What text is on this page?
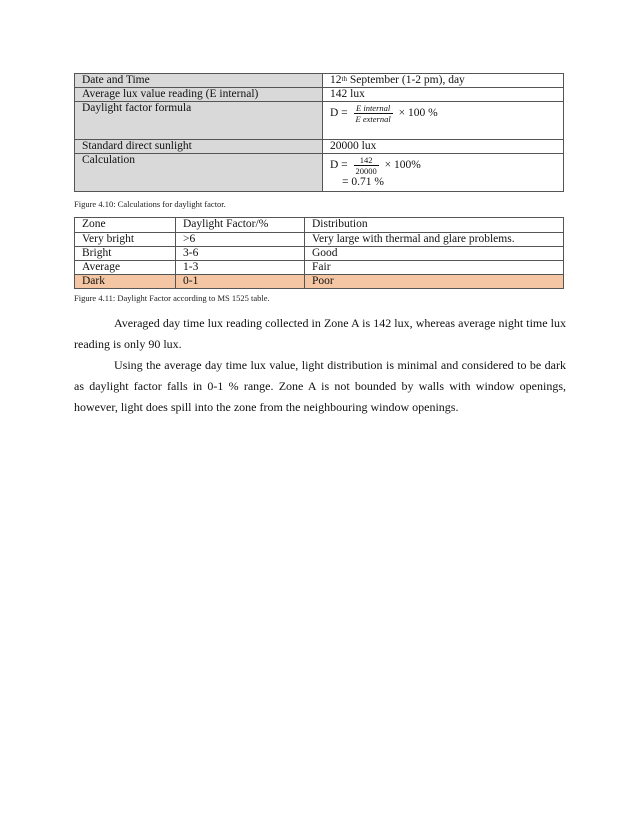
Date and Time	12th September (1-2 pm), day
Average lux value reading (E internal)	142 lux
Daylight factor formula	$D = \frac{\text{E internal}}{\text{E external}} \times 100$ %
Standard direct sunlight	20000 lux
Calculation	$D = \frac{142}{20000} \times 100\%$
= 0.71 %
Figure 4.10: Calculations for daylight factor.
Zone	Daylight Factor/%	Distribution
Very bright	>6	Very large with thermal and glare problems.
Bright	3-6	Good
Average	1-3	Fair
Dark	0-1	Poor
Figure 4.11: Daylight Factor according to MS 1525 table.

Averaged day time lux reading collected in Zone A is 142 lux, whereas average night time lux reading is only 90 lux.

Using the average day time lux value, light distribution is minimal and considered to be dark as daylight factor falls in 0-1 % range. Zone A is not bounded by walls with window openings, however, light does spill into the zone from the neighbouring window openings.
